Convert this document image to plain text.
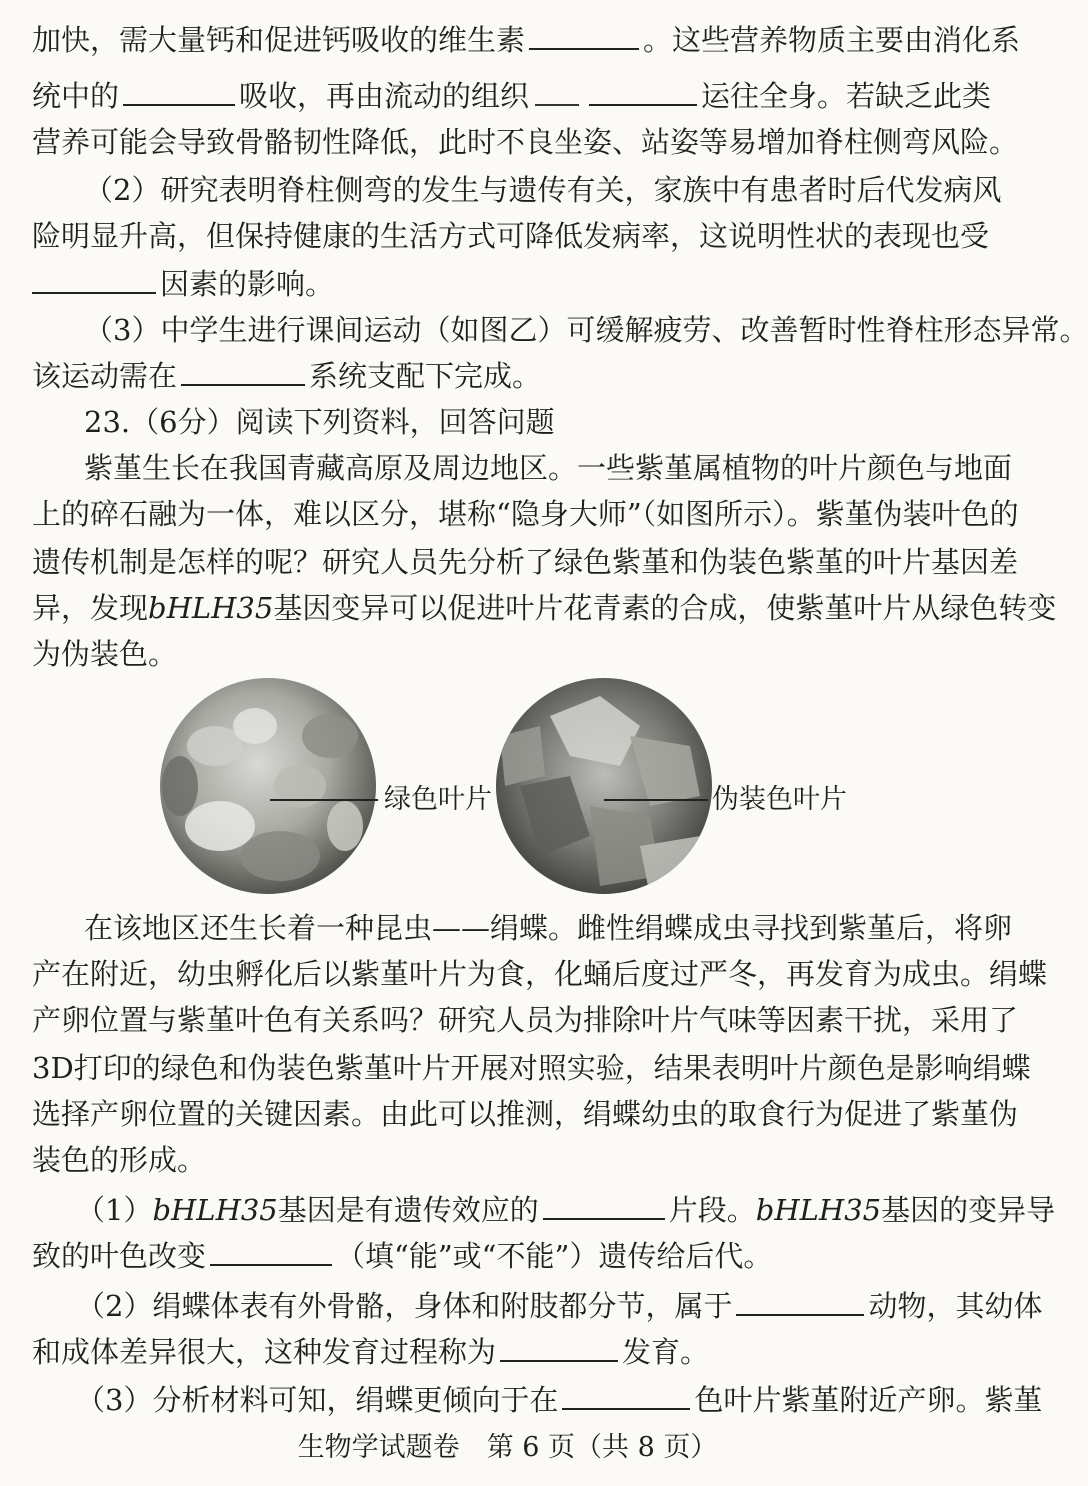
加快，需大量钙和促进钙吸收的维生素	。这些营养物质主要由消化系
统中的	吸收，再由流动的组织	运往全身。若缺乏此类
营养可能会导致骨骼韧性降低，此时不良坐姿、站姿等易增加脊柱侧弯风险。
（2）研究表明脊柱侧弯的发生与遗传有关，家族中有患者时后代发病风
险明显升高，但保持健康的生活方式可降低发病率，这说明性状的表现也受
因素的影响。
（3）中学生进行课间运动（如图乙）可缓解疲劳、改善暂时性脊柱形态异常。
该运动需在	系统支配下完成。
23.（6分）阅读下列资料，回答问题
紫堇生长在我国青藏高原及周边地区。一些紫堇属植物的叶片颜色与地面
上的碎石融为一体，难以区分，堪称“隐身大师”（如图所示）。紫堇伪装叶色的
遗传机制是怎样的呢？研究人员先分析了绿色紫堇和伪装色紫堇的叶片基因差
异，发现bHLH35基因变异可以促进叶片花青素的合成，使紫堇叶片从绿色转变
为伪装色。
绿色叶片	伪装色叶片
在该地区还生长着一种昆虫——绢蝶。雌性绢蝶成虫寻找到紫堇后，将卵
产在附近，幼虫孵化后以紫堇叶片为食，化蛹后度过严冬，再发育为成虫。绢蝶
产卵位置与紫堇叶色有关系吗？研究人员为排除叶片气味等因素干扰，采用了
3D打印的绿色和伪装色紫堇叶片开展对照实验，结果表明叶片颜色是影响绢蝶
选择产卵位置的关键因素。由此可以推测，绢蝶幼虫的取食行为促进了紫堇伪
装色的形成。
（1）bHLH35基因是有遗传效应的	片段。bHLH35基因的变异导
致的叶色改变	（填“能”或“不能”）遗传给后代。
（2）绢蝶体表有外骨骼，身体和附肢都分节，属于	动物，其幼体
和成体差异很大，这种发育过程称为	发育。
（3）分析材料可知，绢蝶更倾向于在	色叶片紫堇附近产卵。紫堇
生物学试题卷　第 6 页（共 8 页）
